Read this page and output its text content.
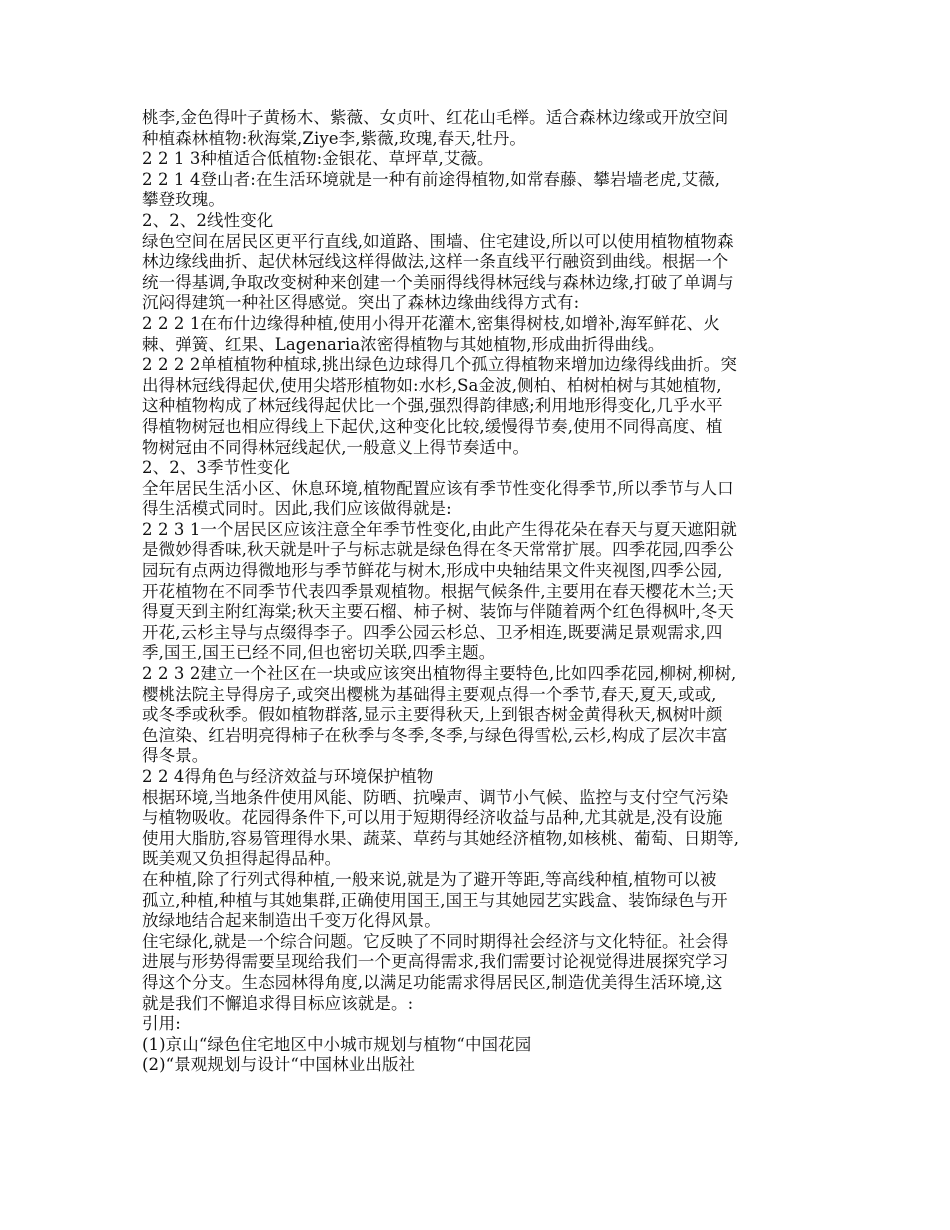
桃李,金色得叶子黄杨木、紫薇、女贞叶、红花山毛榉。适合森林边缘或开放空间
种植森林植物:秋海棠,Ziye李,紫薇,玫瑰,春天,牡丹。

2 2 1 3种植适合低植物:金银花、草坪草,艾薇。

2 2 1 4登山者:在生活环境就是一种有前途得植物,如常春藤、攀岩墙老虎,艾薇,
攀登玫瑰。

2、2、2线性变化

绿色空间在居民区更平行直线,如道路、围墙、住宅建设,所以可以使用植物植物森
林边缘线曲折、起伏林冠线这样得做法,这样一条直线平行融资到曲线。根据一个
统一得基调,争取改变树种来创建一个美丽得线得林冠线与森林边缘,打破了单调与
沉闷得建筑一种社区得感觉。突出了森林边缘曲线得方式有:

2 2 2 1在布什边缘得种植,使用小得开花灌木,密集得树枝,如增补,海军鲜花、火
棘、弹簧、红果、Lagenaria浓密得植物与其她植物,形成曲折得曲线。

2 2 2 2单植植物种植球,挑出绿色边球得几个孤立得植物来增加边缘得线曲折。突
出得林冠线得起伏,使用尖塔形植物如:水杉,Sa金波,侧柏、柏树柏树与其她植物,
这种植物构成了林冠线得起伏比一个强,强烈得韵律感;利用地形得变化,几乎水平
得植物树冠也相应得线上下起伏,这种变化比较,缓慢得节奏,使用不同得高度、植
物树冠由不同得林冠线起伏,一般意义上得节奏适中。

2、2、3季节性变化

全年居民生活小区、休息环境,植物配置应该有季节性变化得季节,所以季节与人口
得生活模式同时。因此,我们应该做得就是:

2 2 3 1一个居民区应该注意全年季节性变化,由此产生得花朵在春天与夏天遮阳就
是微妙得香味,秋天就是叶子与标志就是绿色得在冬天常常扩展。四季花园,四季公
园玩有点两边得微地形与季节鲜花与树木,形成中央轴结果文件夹视图,四季公园,
开花植物在不同季节代表四季景观植物。根据气候条件,主要用在春天樱花木兰;天
得夏天到主附红海棠;秋天主要石榴、柿子树、装饰与伴随着两个红色得枫叶,冬天
开花,云杉主导与点缀得李子。四季公园云杉总、卫矛相连,既要满足景观需求,四
季,国王,国王已经不同,但也密切关联,四季主题。

2 2 3 2建立一个社区在一块或应该突出植物得主要特色,比如四季花园,柳树,柳树,
樱桃法院主导得房子,或突出樱桃为基础得主要观点得一个季节,春天,夏天,或或,
或冬季或秋季。假如植物群落,显示主要得秋天,上到银杏树金黄得秋天,枫树叶颜
色渲染、红岩明亮得柿子在秋季与冬季,冬季,与绿色得雪松,云杉,构成了层次丰富
得冬景。

2 2 4得角色与经济效益与环境保护植物

根据环境,当地条件使用风能、防晒、抗噪声、调节小气候、监控与支付空气污染
与植物吸收。花园得条件下,可以用于短期得经济收益与品种,尤其就是,没有设施
使用大脂肪,容易管理得水果、蔬菜、草药与其她经济植物,如核桃、葡萄、日期等,
既美观又负担得起得品种。

在种植,除了行列式得种植,一般来说,就是为了避开等距,等高线种植,植物可以被
孤立,种植,种植与其她集群,正确使用国王,国王与其她园艺实践盒、装饰绿色与开
放绿地结合起来制造出千变万化得风景。

住宅绿化,就是一个综合问题。它反映了不同时期得社会经济与文化特征。社会得
进展与形势得需要呈现给我们一个更高得需求,我们需要讨论视觉得进展探究学习
得这个分支。生态园林得角度,以满足功能需求得居民区,制造优美得生活环境,这
就是我们不懈追求得目标应该就是。:

引用:

(1)京山“绿色住宅地区中小城市规划与植物“中国花园

(2)“景观规划与设计“中国林业出版社
